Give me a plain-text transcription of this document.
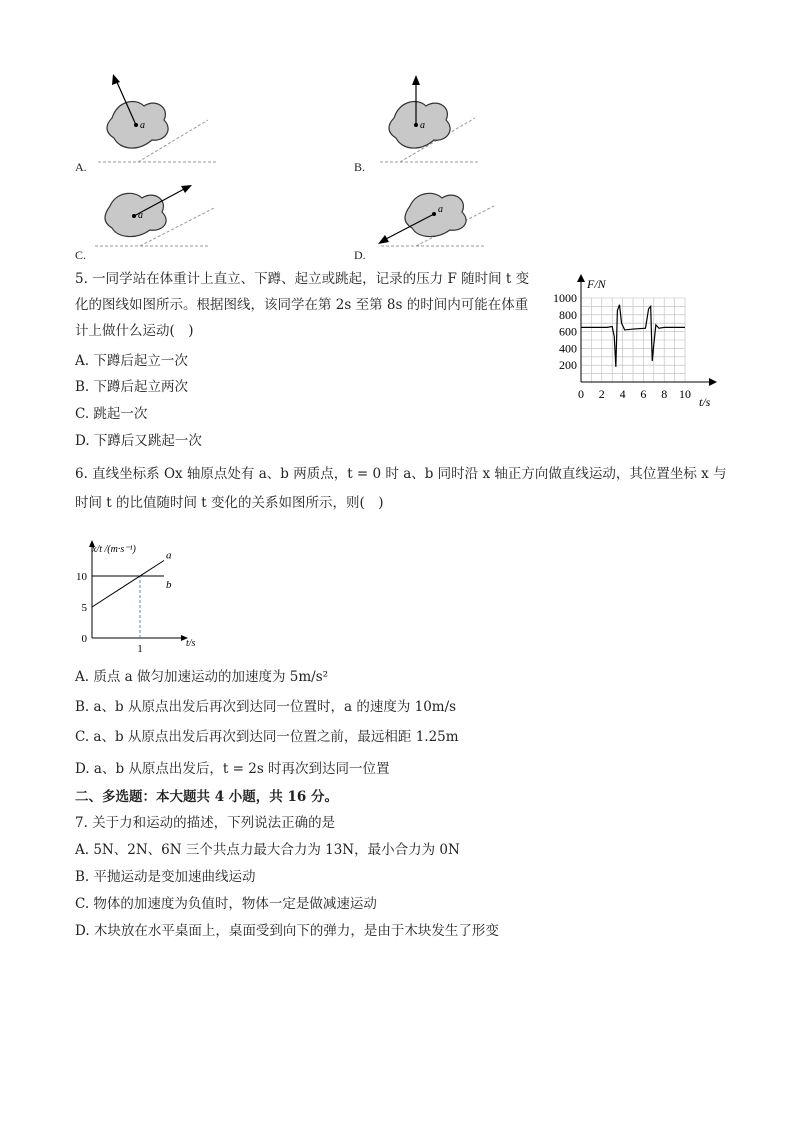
a
A.
a
B.
a
C.
a
D.
5. 一同学站在体重计上直立、下蹲、起立或跳起，记录的压力 F 随时间 t 变
化的图线如图所示。根据图线，该同学在第 2s 至第 8s 的时间内可能在体重
计上做什么运动(　)
A. 下蹲后起立一次
B. 下蹲后起立两次
C. 跳起一次
D. 下蹲后又跳起一次
F/N
t/s
200
400
600
800
1000
0 2 4 6 8 10
6. 直线坐标系 Ox 轴原点处有 a、b 两质点，t = 0 时 a、b 同时沿 x 轴正方向做直线运动，其位置坐标 x 与
时间 t 的比值随时间 t 变化的关系如图所示，则(　)
x/t /(m·s⁻¹)
t/s
0
5
10
1
a
b
A. 质点 a 做匀加速运动的加速度为 5m/s²
B. a、b 从原点出发后再次到达同一位置时，a 的速度为 10m/s
C. a、b 从原点出发后再次到达同一位置之前，最远相距 1.25m
D. a、b 从原点出发后，t = 2s 时再次到达同一位置
二、多选题：本大题共 4 小题，共 16 分。
7. 关于力和运动的描述，下列说法正确的是
A. 5N、2N、6N 三个共点力最大合力为 13N，最小合力为 0N
B. 平抛运动是变加速曲线运动
C. 物体的加速度为负值时，物体一定是做减速运动
D. 木块放在水平桌面上，桌面受到向下的弹力，是由于木块发生了形变
